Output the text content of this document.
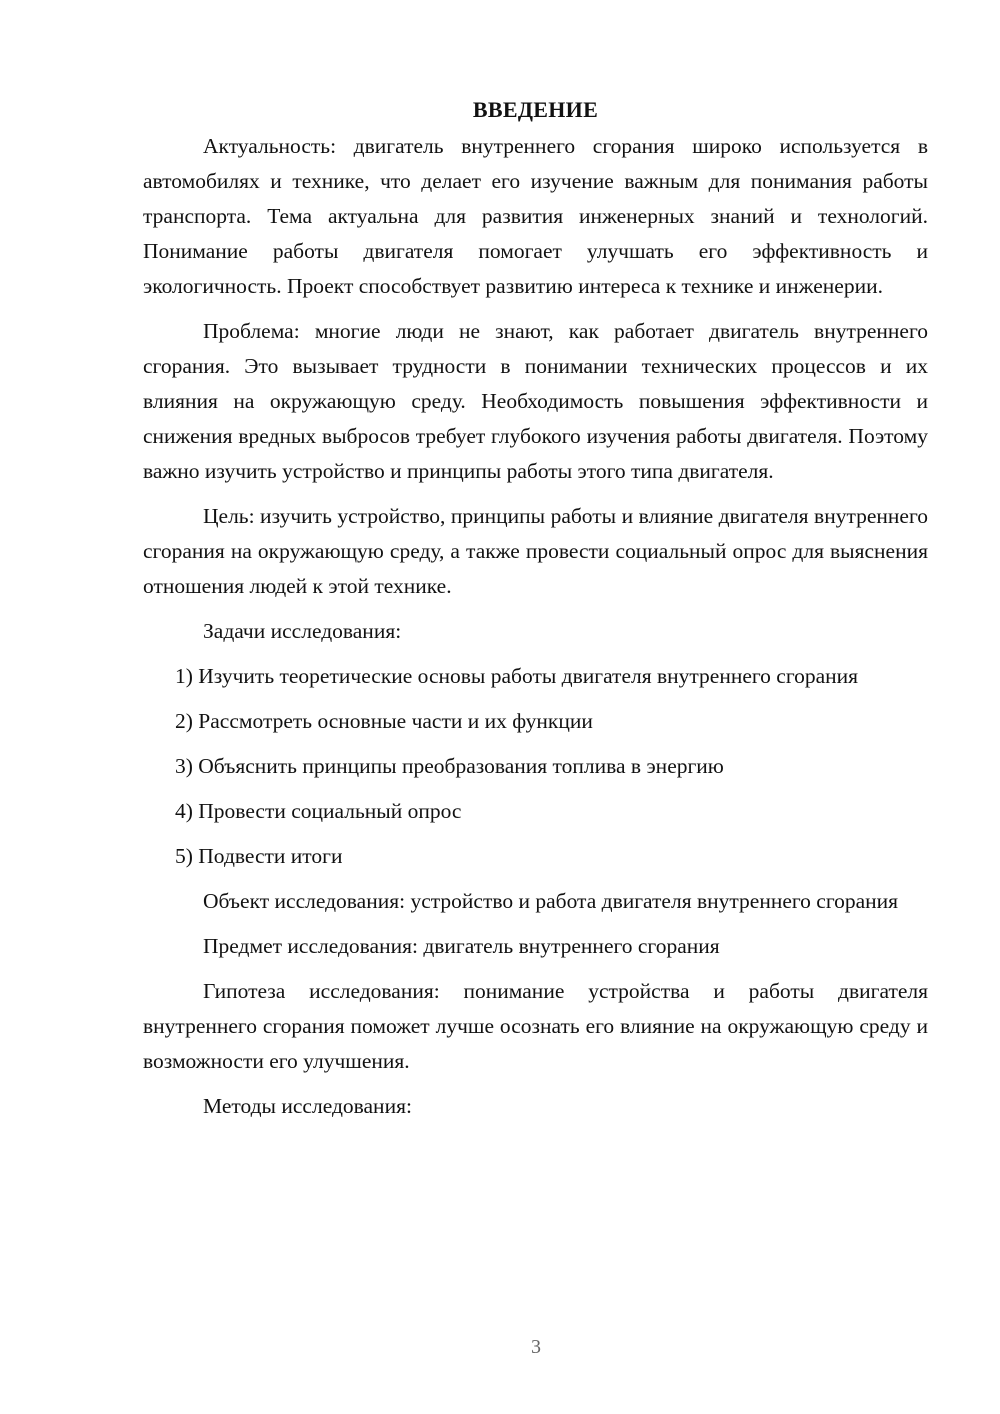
ВВЕДЕНИЕ

Актуальность: двигатель внутреннего сгорания широко используется в автомобилях и технике, что делает его изучение важным для понимания работы транспорта. Тема актуальна для развития инженерных знаний и технологий. Понимание работы двигателя помогает улучшать его эффективность и экологичность. Проект способствует развитию интереса к технике и инженерии.

Проблема: многие люди не знают, как работает двигатель внутреннего сгорания. Это вызывает трудности в понимании технических процессов и их влияния на окружающую среду. Необходимость повышения эффективности и снижения вредных выбросов требует глубокого изучения работы двигателя. Поэтому важно изучить устройство и принципы работы этого типа двигателя.

Цель: изучить устройство, принципы работы и влияние двигателя внутреннего сгорания на окружающую среду, а также провести социальный опрос для выяснения отношения людей к этой технике.

Задачи исследования:

1) Изучить теоретические основы работы двигателя внутреннего сгорания

2) Рассмотреть основные части и их функции

3) Объяснить принципы преобразования топлива в энергию

4) Провести социальный опрос

5) Подвести итоги

Объект исследования: устройство и работа двигателя внутреннего сгорания

Предмет исследования: двигатель внутреннего сгорания

Гипотеза исследования: понимание устройства и работы двигателя внутреннего сгорания поможет лучше осознать его влияние на окружающую среду и возможности его улучшения.

Методы исследования:

3
